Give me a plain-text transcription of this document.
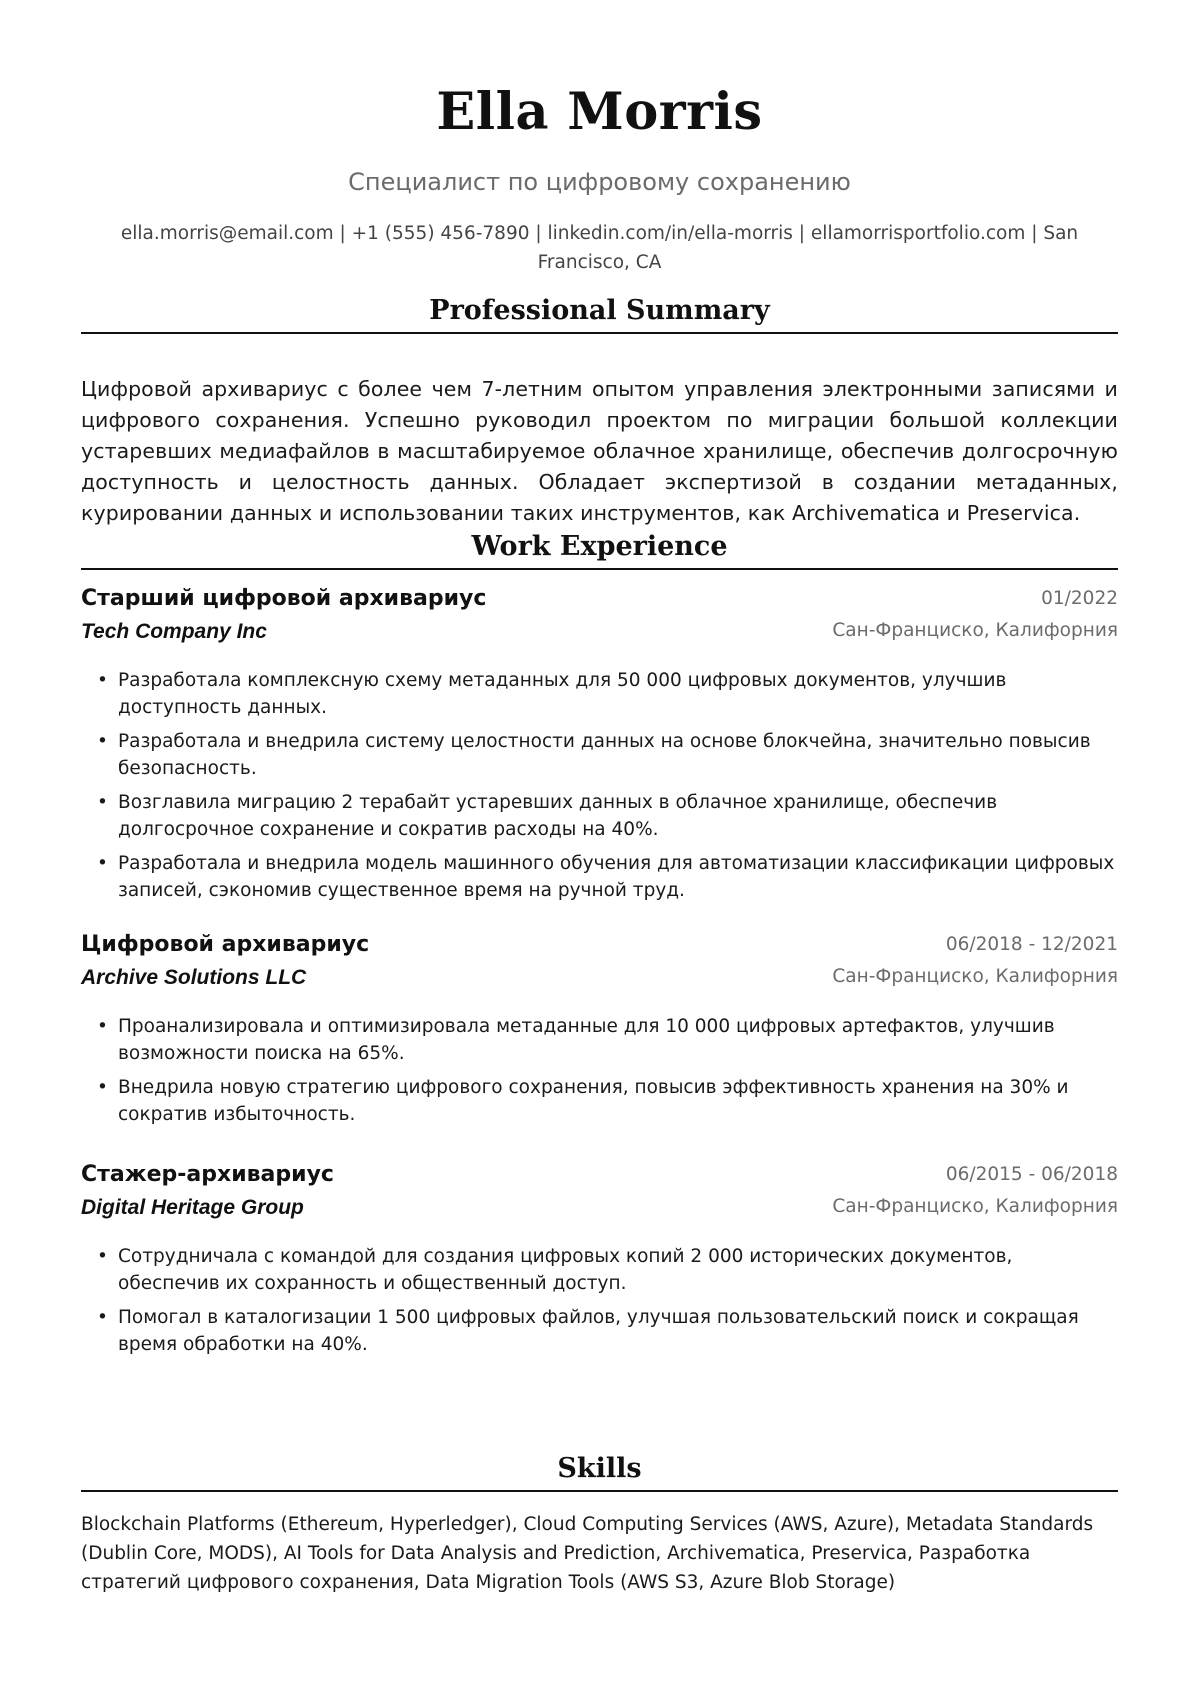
Ella Morris
Специалист по цифровому сохранению
ella.morris@email.com | +1 (555) 456-7890 | linkedin.com/in/ella-morris | ellamorrisportfolio.com | San
Francisco, CA
Professional Summary
Цифровой архивариус с более чем 7-летним опытом управления электронными записями и цифрового сохранения. Успешно руководил проектом по миграции большой коллекции устаревших медиафайлов в масштабируемое облачное хранилище, обеспечив долгосрочную доступность и целостность данных. Обладает экспертизой в создании метаданных, курировании данных и использовании таких инструментов, как Archivematica и Preservica.
Work Experience
Старший цифровой архивариус	01/2022
Tech Company Inc	Сан-Франциско, Калифорния
• Разработала комплексную схему метаданных для 50 000 цифровых документов, улучшив доступность данных.
• Разработала и внедрила систему целостности данных на основе блокчейна, значительно повысив безопасность.
• Возглавила миграцию 2 терабайт устаревших данных в облачное хранилище, обеспечив долгосрочное сохранение и сократив расходы на 40%.
• Разработала и внедрила модель машинного обучения для автоматизации классификации цифровых записей, сэкономив существенное время на ручной труд.
Цифровой архивариус	06/2018 - 12/2021
Archive Solutions LLC	Сан-Франциско, Калифорния
• Проанализировала и оптимизировала метаданные для 10 000 цифровых артефактов, улучшив возможности поиска на 65%.
• Внедрила новую стратегию цифрового сохранения, повысив эффективность хранения на 30% и сократив избыточность.
Стажер-архивариус	06/2015 - 06/2018
Digital Heritage Group	Сан-Франциско, Калифорния
• Сотрудничала с командой для создания цифровых копий 2 000 исторических документов, обеспечив их сохранность и общественный доступ.
• Помогал в каталогизации 1 500 цифровых файлов, улучшая пользовательский поиск и сокращая время обработки на 40%.
Skills
Blockchain Platforms (Ethereum, Hyperledger), Cloud Computing Services (AWS, Azure), Metadata Standards (Dublin Core, MODS), AI Tools for Data Analysis and Prediction, Archivematica, Preservica, Разработка стратегий цифрового сохранения, Data Migration Tools (AWS S3, Azure Blob Storage)
